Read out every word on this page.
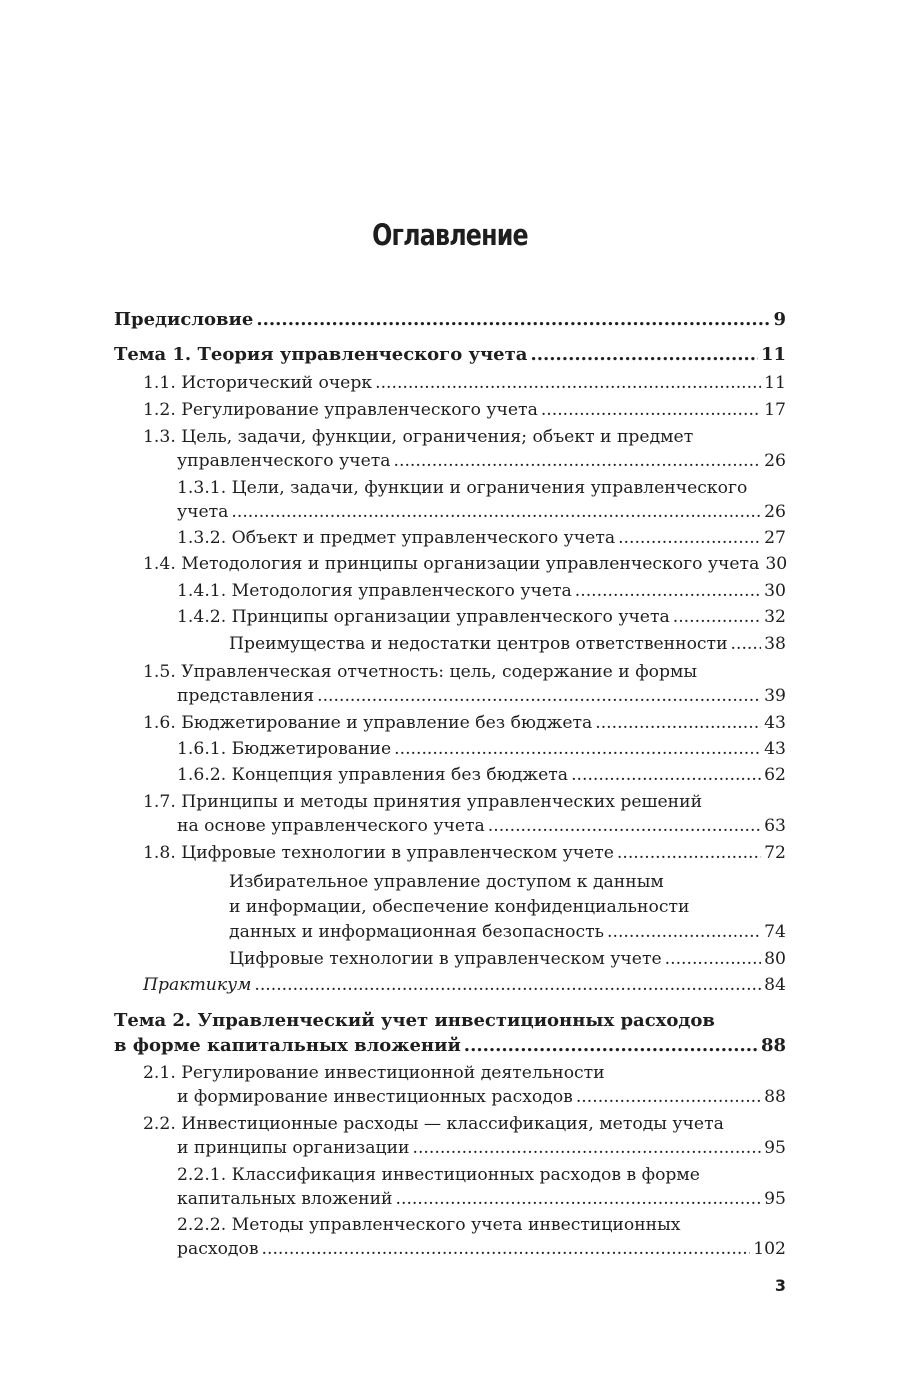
Оглавление
Предисловие .....	9
Тема 1. Теория управленческого учета .....	11
1.1. Исторический очерк .....	11
1.2. Регулирование управленческого учета .....	17
1.3. Цель, задачи, функции, ограничения; объект и предмет
управленческого учета .....	26
1.3.1. Цели, задачи, функции и ограничения управленческого
учета .....	26
1.3.2. Объект и предмет управленческого учета .....	27
1.4. Методология и принципы организации управленческого учета 30
1.4.1. Методология управленческого учета .....	30
1.4.2. Принципы организации управленческого учета .....	32
Преимущества и недостатки центров ответственности ..... 38
1.5. Управленческая отчетность: цель, содержание и формы
представления .....	39
1.6. Бюджетирование и управление без бюджета .....	43
1.6.1. Бюджетирование .....	43
1.6.2. Концепция управления без бюджета .....	62
1.7. Принципы и методы принятия управленческих решений
на основе управленческого учета .....	63
1.8. Цифровые технологии в управленческом учете .....	72
Избирательное управление доступом к данным
и информации, обеспечение конфиденциальности
данных и информационная безопасность .....	74
Цифровые технологии в управленческом учете .....	80
Практикум .....	84
Тема 2. Управленческий учет инвестиционных расходов
в форме капитальных вложений .....	88
2.1. Регулирование инвестиционной деятельности
и формирование инвестиционных расходов .....	88
2.2. Инвестиционные расходы — классификация, методы учета
и принципы организации .....	95
2.2.1. Классификация инвестиционных расходов в форме
капитальных вложений .....	95
2.2.2. Методы управленческого учета инвестиционных
расходов .....	102
3
